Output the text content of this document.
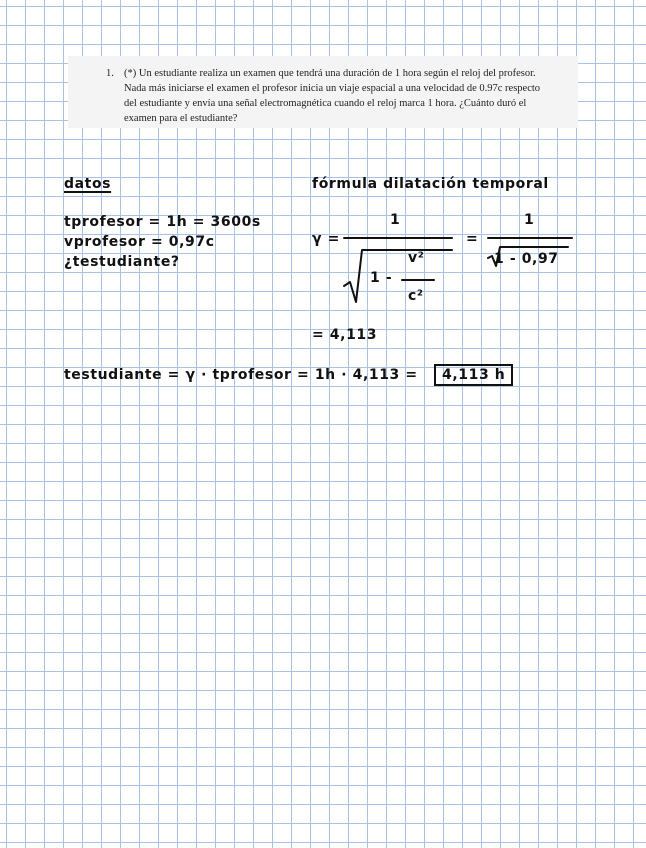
1. (*) Un estudiante realiza un examen que tendrá una duración de 1 hora según el reloj del profesor. Nada más iniciarse el examen el profesor inicia un viaje espacial a una velocidad de 0.97c respecto del estudiante y envía una señal electromagnética cuando el reloj marca 1 hora. ¿Cuánto duró el examen para el estudiante?
datos	fórmula dilatación temporal
tprofesor = 1h = 3600s
vprofesor = 0,97c
¿testudiante?
γ =
1
1 -
v²
c²
=
1
1 - 0,97
= 4,113
testudiante = γ · tprofesor = 1h · 4,113 =	4,113 h
